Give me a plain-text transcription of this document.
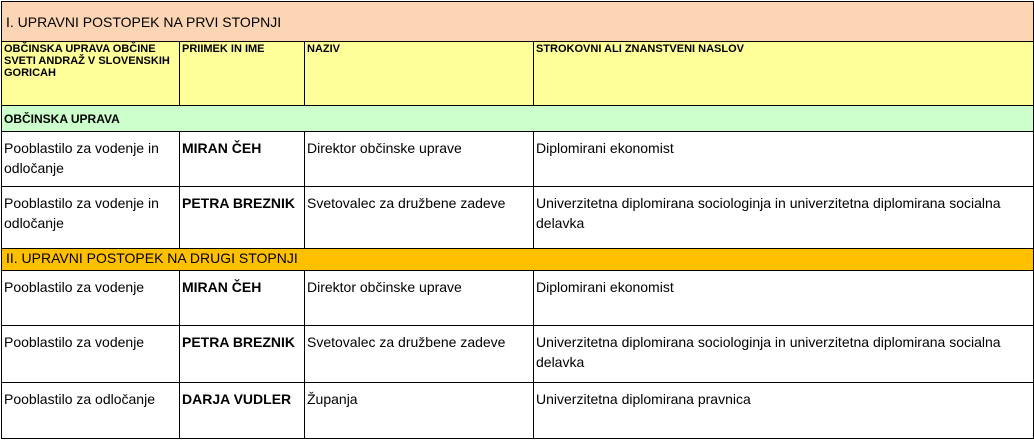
I. UPRAVNI POSTOPEK NA PRVI STOPNJI			
OBČINSKA UPRAVA OBČINE SVETI ANDRAŽ V SLOVENSKIH GORICAH	PRIIMEK IN IME	NAZIV	STROKOVNI ALI ZNANSTVENI NASLOV
OBČINSKA UPRAVA			
Pooblastilo za vodenje in odločanje	MIRAN ČEH	Direktor občinske uprave	Diplomirani ekonomist
Pooblastilo za vodenje in odločanje	PETRA BREZNIK	Svetovalec za družbene zadeve	Univerzitetna diplomirana sociologinja in univerzitetna diplomirana socialna delavka
II. UPRAVNI POSTOPEK NA DRUGI STOPNJI			
Pooblastilo za vodenje	MIRAN ČEH	Direktor občinske uprave	Diplomirani ekonomist
Pooblastilo za vodenje	PETRA BREZNIK	Svetovalec za družbene zadeve	Univerzitetna diplomirana sociologinja in univerzitetna diplomirana socialna delavka
Pooblastilo za odločanje	DARJA VUDLER	Županja	Univerzitetna diplomirana pravnica
